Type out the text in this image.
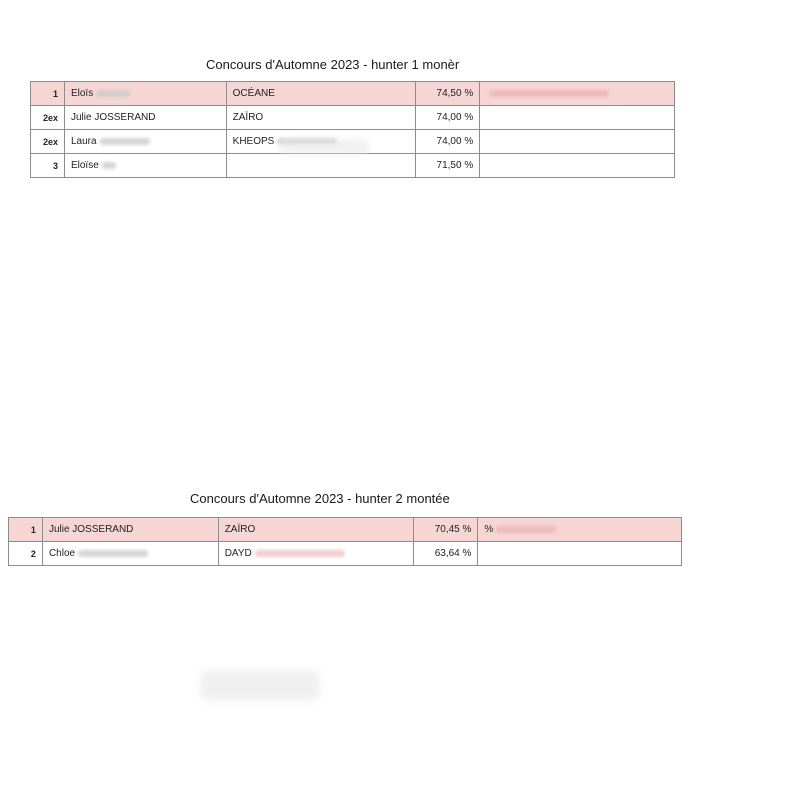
Concours d'Automne 2023 - hunter 1 monèr
1	Eloïs	OCÉANE	74,50 %	
2ex	Julie JOSSERAND	ZAÏRO	74,00 %	
2ex	Laura	KHEOPS	74,00 %	
3	Eloïse		71,50 %	
Concours d'Automne 2023 - hunter 2 montée
1	Julie JOSSERAND	ZAÏRO	70,45 %	%
2	Chloe	DAYD	63,64 %	
